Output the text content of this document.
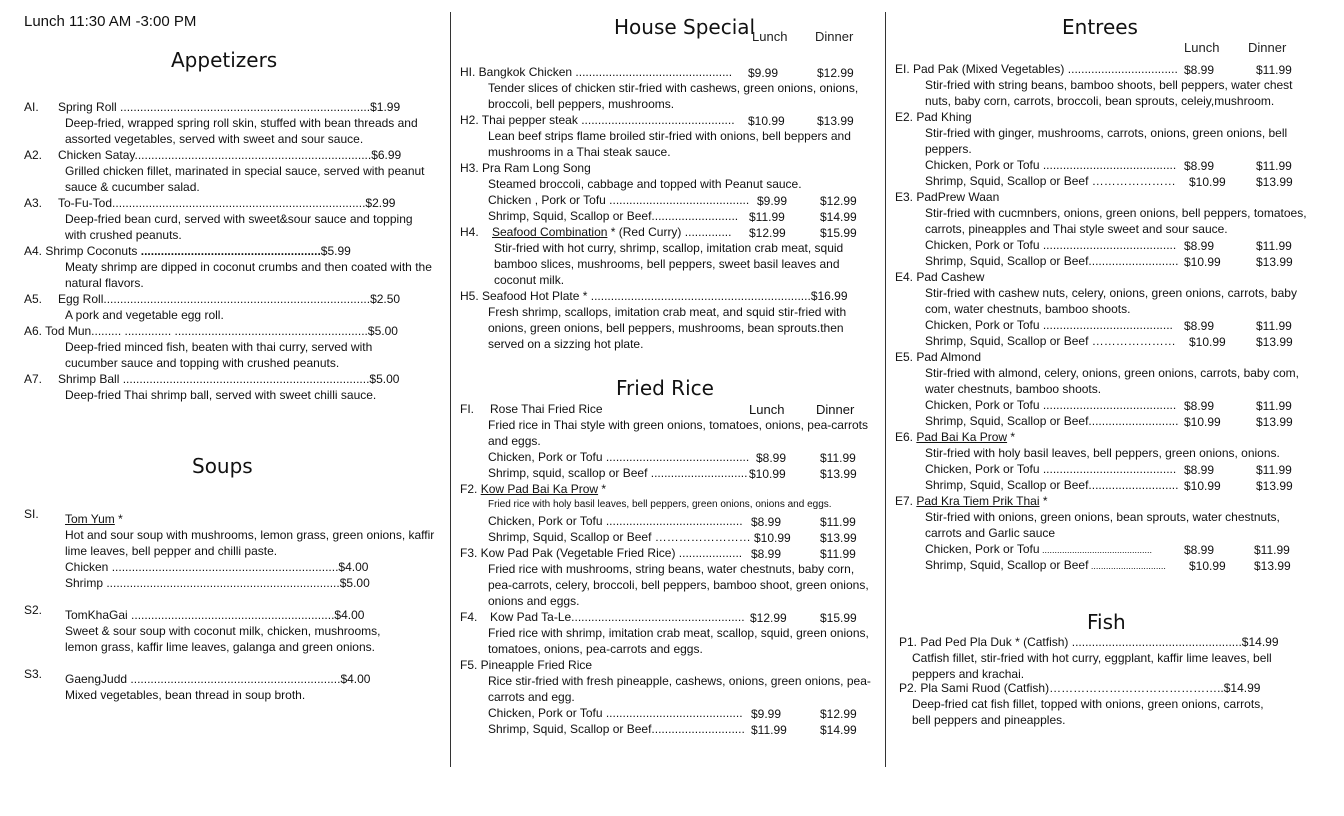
Lunch 11:30 AM -3:00 PM
Appetizers
AI. Spring Roll ...........................................................................$1.99
Deep-fried, wrapped spring roll skin, stuffed with bean threads and assorted vegetables, served with sweet and sour sauce.
A2. Chicken Satay.......................................................................$6.99
Grilled chicken fillet, marinated in special sauce, served with peanut sauce & cucumber salad.
A3. To-Fu-Tod............................................................................$2.99
Deep-fried bean curd, served with sweet&sour sauce and topping with crushed peanuts.
A4. Shrimp Coconuts ......................................................$5.99
Meaty shrimp are dipped in coconut crumbs and then coated with the natural flavors.
A5. Egg Roll................................................................................$2.50
A pork and vegetable egg roll.
A6. Tod Mun......... .............. ..........................................................$5.00
Deep-fried minced fish, beaten with thai curry, served with cucumber sauce and topping with crushed peanuts.
A7. Shrimp Ball ..........................................................................$5.00
Deep-fried Thai shrimp ball, served with sweet chilli sauce.
Soups
SI. Tom Yum *
Hot and sour soup with mushrooms, lemon grass, green onions, kaffir lime leaves, bell pepper and chilli paste.
Chicken ....................................................................$4.00
Shrimp ......................................................................$5.00
S2. TomKhaGai .............................................................$4.00
Sweet & sour soup with coconut milk, chicken, mushrooms, lemon grass, kaffir lime leaves, galanga and green onions.
S3. GaengJudd ...............................................................$4.00
Mixed vegetables, bean thread in soup broth.
House Special
Lunch Dinner
HI. Bangkok Chicken ............................................... $9.99	$12.99
Tender slices of chicken stir-fried with cashews, green onions, onions, broccoli, bell peppers, mushrooms.
H2. Thai pepper steak .............................................. $10.99	$13.99
Lean beef strips flame broiled stir-fried with onions, bell beppers and mushrooms in a Thai steak sauce.
H3. Pra Ram Long Song
Steamed broccoli, cabbage and topped with Peanut sauce.
Chicken , Pork or Tofu .......................................... $9.99	$12.99
Shrimp, Squid, Scallop or Beef.......................... $11.99	$14.99
H4. Seafood Combination * (Red Curry) .............. $12.99	$15.99
Stir-fried with hot curry, shrimp, scallop, imitation crab meat, squid bamboo slices, mushrooms, bell peppers, sweet basil leaves and coconut milk.
H5. Seafood Hot Plate * ..................................................................$16.99
Fresh shrimp, scallops, imitation crab meat, and squid stir-fried with onions, green onions, bell peppers, mushrooms, bean sprouts.then served on a sizzing hot plate.
Fried Rice
Lunch Dinner
FI. Rose Thai Fried Rice
Fried rice in Thai style with green onions, tomatoes, onions, pea-carrots and eggs.
Chicken, Pork or Tofu ........................................... $8.99	$11.99
Shrimp, squid, scallop or Beef ............................. $10.99	$13.99
F2. Kow Pad Bai Ka Prow *
Fried rice with holy basil leaves, bell peppers, green onions, onions and eggs.
Chicken, Pork or Tofu ......................................... $8.99	$11.99
Shrimp, Squid, Scallop or Beef …………………… $10.99 $13.99
F3. Kow Pad Pak (Vegetable Fried Rice) ................... $8.99	$11.99
Fried rice with mushrooms, string beans, water chestnuts, baby corn, pea-carrots, celery, broccoli, bell peppers, bamboo shoot, green onions, onions and eggs.
F4. Kow Pad Ta-Le.................................................... $12.99	$15.99
Fried rice with shrimp, imitation crab meat, scallop, squid, green onions, tomatoes, onions, pea-carrots and eggs.
F5. Pineapple Fried Rice
Rice stir-fried with fresh pineapple, cashews, onions, green onions, pea-carrots and egg.
Chicken, Pork or Tofu ......................................... $9.99	$12.99
Shrimp, Squid, Scallop or Beef............................ $11.99	$14.99
Entrees
Lunch Dinner
EI. Pad Pak (Mixed Vegetables) ................................. $8.99	$11.99
Stir-fried with string beans, bamboo shoots, bell peppers, water chest nuts, baby corn, carrots, broccoli, bean sprouts, celeiy,mushroom.
E2. Pad Khing
Stir-fried with ginger, mushrooms, carrots, onions, green onions, bell peppers.
Chicken, Pork or Tofu ........................................ $8.99	$11.99
Shrimp, Squid, Scallop or Beef ………………… $10.99	$13.99
E3. PadPrew Waan
Stir-fried with cucmnbers, onions, green onions, bell peppers, tomatoes, carrots, pineapples and Thai style sweet and sour sauce.
Chicken, Pork or Tofu ........................................ $8.99	$11.99
Shrimp, Squid, Scallop or Beef........................... $10.99	$13.99
E4. Pad Cashew
Stir-fried with cashew nuts, celery, onions, green onions, carrots, baby com, water chestnuts, bamboo shoots.
Chicken, Pork or Tofu ....................................... $8.99	$11.99
Shrimp, Squid, Scallop or Beef ………………… $10.99	$13.99
E5. Pad Almond
Stir-fried with almond, celery, onions, green onions, carrots, baby com, water chestnuts, bamboo shoots.
Chicken, Pork or Tofu ........................................ $8.99	$11.99
Shrimp, Squid, Scallop or Beef........................... $10.99	$13.99
E6. Pad Bai Ka Prow *
Stir-fried with holy basil leaves, bell peppers, green onions, onions.
Chicken, Pork or Tofu ........................................ $8.99	$11.99
Shrimp, Squid, Scallop or Beef........................... $10.99	$13.99
E7. Pad Kra Tiem Prik Thai *
Stir-fried with onions, green onions, bean sprouts, water chestnuts, carrots and Garlic sauce
Chicken, Pork or Tofu ............................................	$8.99	$11.99
Shrimp, Squid, Scallop or Beef .............................. $10.99 $13.99
Fish
P1. Pad Ped Pla Duk * (Catfish) ...................................................$14.99
Catfish fillet, stir-fried with hot curry, eggplant, kaffir lime leaves, bell peppers and krachai.
P2. Pla Sami Ruod (Catfish)……………………………………..$14.99
Deep-fried cat fish fillet, topped with onions, green onions, carrots, bell peppers and pineapples.
